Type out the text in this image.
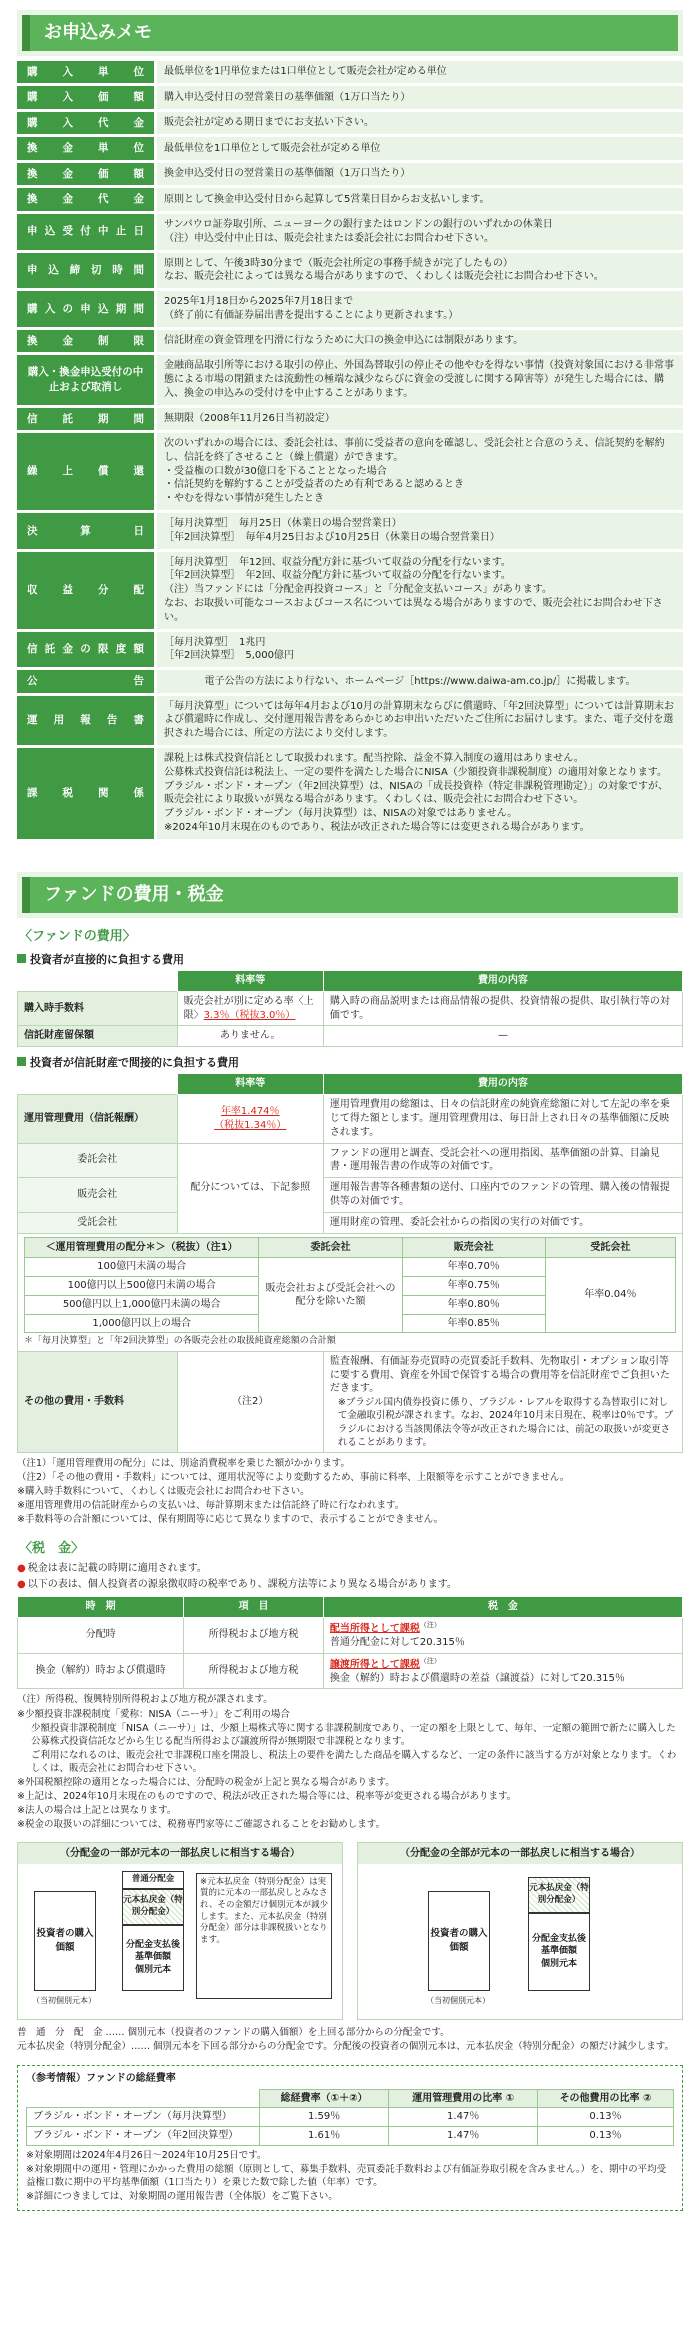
お申込みメモ
購入単位	最低単位を1円単位または1口単位として販売会社が定める単位

購入価額	購入申込受付日の翌営業日の基準価額（1万口当たり）

購入代金	販売会社が定める期日までにお支払い下さい。

換金単位	最低単位を1口単位として販売会社が定める単位

換金価額	換金申込受付日の翌営業日の基準価額（1万口当たり）

換金代金	原則として換金申込受付日から起算して5営業日目からお支払いします。

申込受付中止日	サンパウロ証券取引所、ニューヨークの銀行またはロンドンの銀行のいずれかの休業日
（注）申込受付中止日は、販売会社または委託会社にお問合わせ下さい。

申込締切時間	原則として、午後3時30分まで（販売会社所定の事務手続きが完了したもの）
なお、販売会社によっては異なる場合がありますので、くわしくは販売会社にお問合わせ下さい。

購入の申込期間	2025年1月18日から2025年7月18日まで
（終了前に有価証券届出書を提出することにより更新されます。）

換金制限	信託財産の資金管理を円滑に行なうために大口の換金申込には制限があります。

購入・換金申込受付の中止および取消し	金融商品取引所等における取引の停止、外国為替取引の停止その他やむを得ない事情（投資対象国における非常事態による市場の閉鎖または流動性の極端な減少ならびに資金の受渡しに関する障害等）が発生した場合には、購入、換金の申込みの受付けを中止することがあります。

信託期間	無期限（2008年11月26日当初設定）

繰上償還	次のいずれかの場合には、委託会社は、事前に受益者の意向を確認し、受託会社と合意のうえ、信託契約を解約し、信託を終了させること（繰上償還）ができます。
・受益権の口数が30億口を下ることとなった場合
・信託契約を解約することが受益者のため有利であると認めるとき
・やむを得ない事情が発生したとき

決算日	［毎月決算型］　毎月25日（休業日の場合翌営業日）
［年2回決算型］　毎年4月25日および10月25日（休業日の場合翌営業日）

収益分配	［毎月決算型］　年12回、収益分配方針に基づいて収益の分配を行ないます。
［年2回決算型］　年2回、収益分配方針に基づいて収益の分配を行ないます。
（注）当ファンドには「分配金再投資コース」と「分配金支払いコース」があります。
なお、お取扱い可能なコースおよびコース名については異なる場合がありますので、販売会社にお問合わせ下さい。

信託金の限度額	［毎月決算型］　1兆円
［年2回決算型］　5,000億円

公告	電子公告の方法により行ない、ホームページ［https://www.daiwa-am.co.jp/］に掲載します。

運用報告書	「毎月決算型」については毎年4月および10月の計算期末ならびに償還時、「年2回決算型」については計算期末および償還時に作成し、交付運用報告書をあらかじめお申出いただいたご住所にお届けします。また、電子交付を選択された場合には、所定の方法により交付します。

課税関係	課税上は株式投資信託として取扱われます。配当控除、益金不算入制度の適用はありません。
公募株式投資信託は税法上、一定の要件を満たした場合にNISA（少額投資非課税制度）の適用対象となります。
ブラジル・ボンド・オープン（年2回決算型）は、NISAの「成長投資枠（特定非課税管理勘定）」の対象ですが、販売会社により取扱いが異なる場合があります。くわしくは、販売会社にお問合わせ下さい。
ブラジル・ボンド・オープン（毎月決算型）は、NISAの対象ではありません。
※2024年10月末現在のものであり、税法が改正された場合等には変更される場合があります。
ファンドの費用・税金
〈ファンドの費用〉
投資者が直接的に負担する費用
	料率等	費用の内容
購入時手数料	販売会社が別に定める率〈上限〉3.3％（税抜3.0％）	購入時の商品説明または商品情報の提供、投資情報の提供、取引執行等の対価です。
信託財産留保額	ありません。	—
投資者が信託財産で間接的に負担する費用
	料率等	費用の内容
運用管理費用（信託報酬）	
年率1.474％
（税抜1.34％）
	運用管理費用の総額は、日々の信託財産の純資産総額に対して左記の率を乗じて得た額とします。運用管理費用は、毎日計上され日々の基準価額に反映されます。
委託会社	配分については、下記参照	ファンドの運用と調査、受託会社への運用指図、基準価額の計算、目論見書・運用報告書の作成等の対価です。
販売会社	運用報告書等各種書類の送付、口座内でのファンドの管理、購入後の情報提供等の対価です。
受託会社	運用財産の管理、委託会社からの指図の実行の対価です。

＜運用管理費用の配分＊＞（税抜）（注1）	委託会社	販売会社	受託会社
100億円未満の場合	販売会社および受託会社への配分を除いた額	年率0.70％	年率0.04％
100億円以上500億円未満の場合	年率0.75％
500億円以上1,000億円未満の場合	年率0.80％
1,000億円以上の場合	年率0.85％

＊「毎月決算型」と「年2回決算型」の各販売会社の取扱純資産総額の合計額

その他の費用・手数料	（注2）	
監査報酬、有価証券売買時の売買委託手数料、先物取引・オプション取引等に要する費用、資産を外国で保管する場合の費用等を信託財産でご負担いただきます。
※ブラジル国内債券投資に係り、ブラジル・レアルを取得する為替取引に対して金融取引税が課されます。なお、2024年10月末日現在、税率は0％です。ブラジルにおける当該関係法令等が改正された場合には、前記の取扱いが変更されることがあります。

（注1）「運用管理費用の配分」には、別途消費税率を乗じた額がかかります。

（注2）「その他の費用・手数料」については、運用状況等により変動するため、事前に料率、上限額等を示すことができません。

※購入時手数料について、くわしくは販売会社にお問合わせ下さい。

※運用管理費用の信託財産からの支払いは、毎計算期末または信託終了時に行なわれます。

※手数料等の合計額については、保有期間等に応じて異なりますので、表示することができません。

〈税　金〉

● 税金は表に記載の時期に適用されます。

● 以下の表は、個人投資者の源泉徴収時の税率であり、課税方法等により異なる場合があります。

時　期	項　目	税　金
分配時	所得税および地方税	配当所得として課税$^{(注)}$
普通分配金に対して20.315％

換金（解約）時および償還時	所得税および地方税	譲渡所得として課税$^{(注)}$
換金（解約）時および償還時の差益（譲渡益）に対して20.315％

（注）所得税、復興特別所得税および地方税が課されます。

※少額投資非課税制度「愛称：NISA（ニーサ）」をご利用の場合

少額投資非課税制度「NISA（ニーサ）」は、少額上場株式等に関する非課税制度であり、一定の額を上限として、毎年、一定額の範囲で新たに購入した公募株式投資信託などから生じる配当所得および譲渡所得が無期限で非課税となります。

ご利用になれるのは、販売会社で非課税口座を開設し、税法上の要件を満たした商品を購入するなど、一定の条件に該当する方が対象となります。くわしくは、販売会社にお問合わせ下さい。

※外国税額控除の適用となった場合には、分配時の税金が上記と異なる場合があります。

※上記は、2024年10月末現在のものですので、税法が改正された場合等には、税率等が変更される場合があります。

※法人の場合は上記とは異なります。

※税金の取扱いの詳細については、税務専門家等にご確認されることをお勧めします。

（分配金の一部が元本の一部払戻しに相当する場合）
投資者の購入価額
（当初個別元本）
普通分配金
元本払戻金（特別分配金）
分配金支払後
基準価額
個別元本
※元本払戻金（特別分配金）は実質的に元本の一部払戻しとみなされ、その金額だけ個別元本が減少します。また、元本払戻金（特別分配金）部分は非課税扱いとなります。
（分配金の全部が元本の一部払戻しに相当する場合）
投資者の購入価額
（当初個別元本）
元本払戻金（特別分配金）
分配金支払後
基準価額
個別元本

普　通　分　配　金 …… 個別元本（投資者のファンドの購入価額）を上回る部分からの分配金です。

元本払戻金（特別分配金）…… 個別元本を下回る部分からの分配金です。分配後の投資者の個別元本は、元本払戻金（特別分配金）の額だけ減少します。

（参考情報）ファンドの総経費率
	総経費率（①＋②）	運用管理費用の比率 ①	その他費用の比率 ②
ブラジル・ボンド・オープン（毎月決算型）	1.59％	1.47％	0.13％
ブラジル・ボンド・オープン（年2回決算型）	1.61％	1.47％	0.13％

※対象期間は2024年4月26日〜2024年10月25日です。

※対象期間中の運用・管理にかかった費用の総額（原則として、募集手数料、売買委託手数料および有価証券取引税を含みません。）を、期中の平均受益権口数に期中の平均基準価額（1口当たり）を乗じた数で除した値（年率）です。

※詳細につきましては、対象期間の運用報告書（全体版）をご覧下さい。
